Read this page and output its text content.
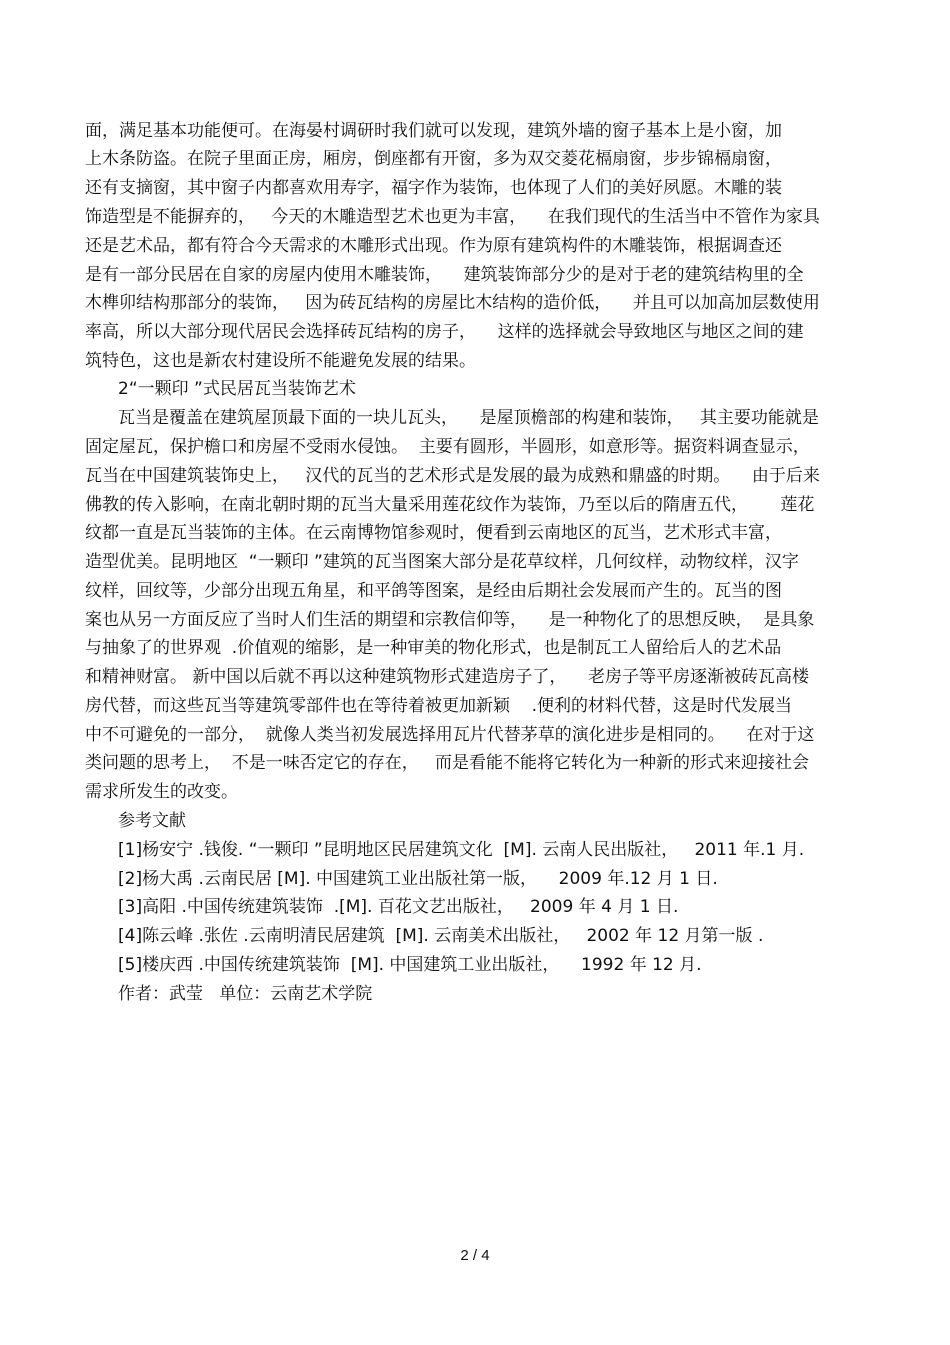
面，满足基本功能便可。在海晏村调研时我们就可以发现，建筑外墙的窗子基本上是小窗，加
上木条防盗。在院子里面正房，厢房，倒座都有开窗，多为双交菱花槅扇窗，步步锦槅扇窗，
还有支摘窗，其中窗子内都喜欢用寿字，福字作为装饰，也体现了人们的美好夙愿。木雕的装
饰造型是不能摒弃的，   今天的木雕造型艺术也更为丰富，    在我们现代的生活当中不管作为家具
还是艺术品，都有符合今天需求的木雕形式出现。作为原有建筑构件的木雕装饰，根据调查还
是有一部分民居在自家的房屋内使用木雕装饰，    建筑装饰部分少的是对于老的建筑结构里的全
木榫卯结构那部分的装饰，   因为砖瓦结构的房屋比木结构的造价低，    并且可以加高加层数使用
率高，所以大部分现代居民会选择砖瓦结构的房子，    这样的选择就会导致地区与地区之间的建
筑特色，这也是新农村建设所不能避免发展的结果。
2“一颗印 ”式民居瓦当装饰艺术
瓦当是覆盖在建筑屋顶最下面的一块儿瓦头，    是屋顶檐部的构建和装饰，   其主要功能就是
固定屋瓦，保护檐口和房屋不受雨水侵蚀。  主要有圆形，半圆形，如意形等。据资料调查显示，
瓦当在中国建筑装饰史上，   汉代的瓦当的艺术形式是发展的最为成熟和鼎盛的时期。    由于后来
佛教的传入影响，在南北朝时期的瓦当大量采用莲花纹作为装饰，乃至以后的隋唐五代，      莲花
纹都一直是瓦当装饰的主体。在云南博物馆参观时，便看到云南地区的瓦当，艺术形式丰富，
造型优美。昆明地区  “一颗印 ”建筑的瓦当图案大部分是花草纹样，几何纹样，动物纹样，汉字
纹样，回纹等，少部分出现五角星，和平鸽等图案，是经由后期社会发展而产生的。瓦当的图
案也从另一方面反应了当时人们生活的期望和宗教信仰等，    是一种物化了的思想反映，  是具象
与抽象了的世界观  .价值观的缩影，是一种审美的物化形式，也是制瓦工人留给后人的艺术品
和精神财富。 新中国以后就不再以这种建筑物形式建造房子了，    老房子等平房逐渐被砖瓦高楼
房代替，而这些瓦当等建筑零部件也在等待着被更加新颖    .便利的材料代替，这是时代发展当
中不可避免的一部分，  就像人类当初发展选择用瓦片代替茅草的演化进步是相同的。    在对于这
类问题的思考上，  不是一味否定它的存在，   而是看能不能将它转化为一种新的形式来迎接社会
需求所发生的改变。
参考文献
[1]杨安宁 .钱俊. “一颗印 ”昆明地区民居建筑文化  [M]. 云南人民出版社，   2011 年.1 月.
[2]杨大禹 .云南民居 [M]. 中国建筑工业出版社第一版，    2009 年.12 月 1 日.
[3]高阳 .中国传统建筑装饰  .[M]. 百花文艺出版社，   2009 年 4 月 1 日.
[4]陈云峰 .张佐 .云南明清民居建筑  [M]. 云南美术出版社，   2002 年 12 月第一版 .
[5]楼庆西 .中国传统建筑装饰  [M]. 中国建筑工业出版社，    1992 年 12 月.
作者：武莹   单位：云南艺术学院
2 / 4
